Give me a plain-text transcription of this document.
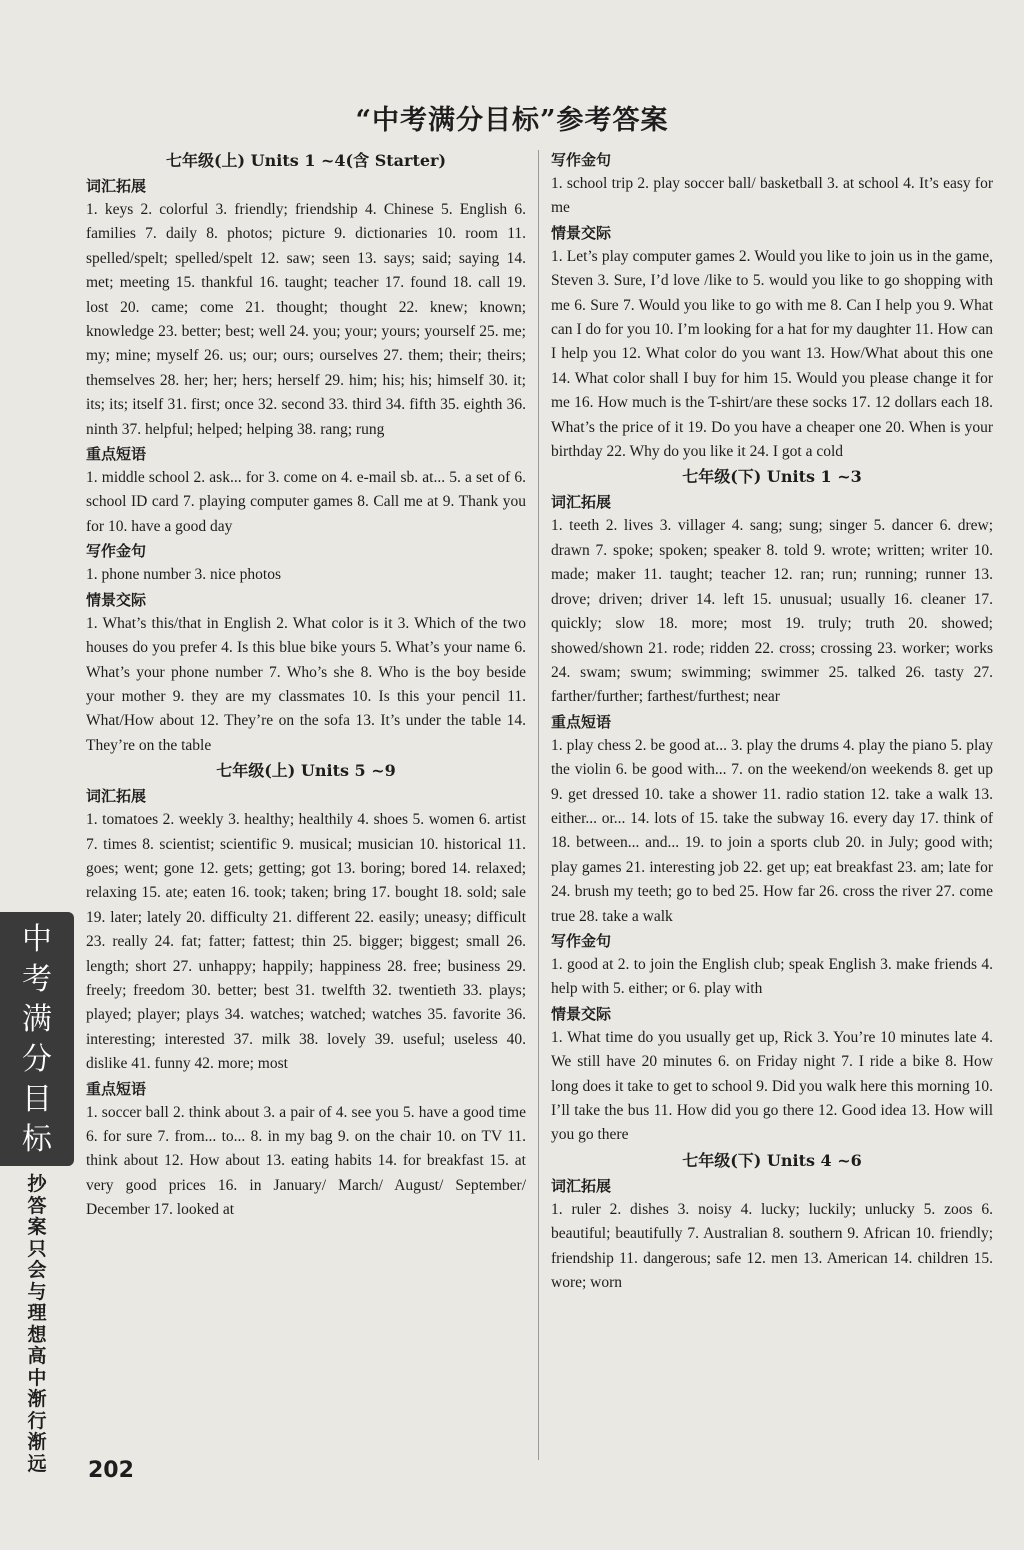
“中考满分目标”参考答案
七年级(上) Units 1 ~4(含 Starter)
词汇拓展

1. keys 2. colorful 3. friendly; friendship 4. Chinese 5. English 6. families 7. daily 8. photos; picture 9. dictionaries 10. room 11. spelled/spelt; spelled/spelt 12. saw; seen 13. says; said; saying 14. met; meeting 15. thankful 16. taught; teacher 17. found 18. call 19. lost 20. came; come 21. thought; thought 22. knew; known; knowledge 23. better; best; well 24. you; your; yours; yourself 25. me; my; mine; myself 26. us; our; ours; ourselves 27. them; their; theirs; themselves 28. her; her; hers; herself 29. him; his; his; himself 30. it; its; its; itself 31. first; once 32. second 33. third 34. fifth 35. eighth 36. ninth 37. helpful; helped; helping 38. rang; rung

重点短语

1. middle school 2. ask... for 3. come on 4. e-mail sb. at... 5. a set of 6. school ID card 7. playing computer games 8. Call me at 9. Thank you for 10. have a good day

写作金句

1. phone number 3. nice photos

情景交际

1. What’s this/that in English 2. What color is it 3. Which of the two houses do you prefer 4. Is this blue bike yours 5. What’s your name 6. What’s your phone number 7. Who’s she 8. Who is the boy beside your mother 9. they are my classmates 10. Is this your pencil 11. What/How about 12. They’re on the sofa 13. It’s under the table 14. They’re on the table

七年级(上) Units 5 ~9
词汇拓展

1. tomatoes 2. weekly 3. healthy; healthily 4. shoes 5. women 6. artist 7. times 8. scientist; scientific 9. musical; musician 10. historical 11. goes; went; gone 12. gets; getting; got 13. boring; bored 14. relaxed; relaxing 15. ate; eaten 16. took; taken; bring 17. bought 18. sold; sale 19. later; lately 20. difficulty 21. different 22. easily; uneasy; difficult 23. really 24. fat; fatter; fattest; thin 25. bigger; biggest; small 26. length; short 27. unhappy; happily; happiness 28. free; business 29. freely; freedom 30. better; best 31. twelfth 32. twentieth 33. plays; played; player; plays 34. watches; watched; watches 35. favorite 36. interesting; interested 37. milk 38. lovely 39. useful; useless 40. dislike 41. funny 42. more; most

重点短语

1. soccer ball 2. think about 3. a pair of 4. see you 5. have a good time 6. for sure 7. from... to... 8. in my bag 9. on the chair 10. on TV 11. think about 12. How about 13. eating habits 14. for breakfast 15. at very good prices 16. in January/ March/ August/ September/ December 17. looked at

写作金句

1. school trip 2. play soccer ball/ basketball 3. at school 4. It’s easy for me

情景交际

1. Let’s play computer games 2. Would you like to join us in the game, Steven 3. Sure, I’d love /like to 5. would you like to go shopping with me 6. Sure 7. Would you like to go with me 8. Can I help you 9. What can I do for you 10. I’m looking for a hat for my daughter 11. How can I help you 12. What color do you want 13. How/What about this one 14. What color shall I buy for him 15. Would you please change it for me 16. How much is the T-shirt/are these socks 17. 12 dollars each 18. What’s the price of it 19. Do you have a cheaper one 20. When is your birthday 22. Why do you like it 24. I got a cold

七年级(下) Units 1 ~3
词汇拓展

1. teeth 2. lives 3. villager 4. sang; sung; singer 5. dancer 6. drew; drawn 7. spoke; spoken; speaker 8. told 9. wrote; written; writer 10. made; maker 11. taught; teacher 12. ran; run; running; runner 13. drove; driven; driver 14. left 15. unusual; usually 16. cleaner 17. quickly; slow 18. more; most 19. truly; truth 20. showed; showed/shown 21. rode; ridden 22. cross; crossing 23. worker; works 24. swam; swum; swimming; swimmer 25. talked 26. tasty 27. farther/further; farthest/furthest; near

重点短语

1. play chess 2. be good at... 3. play the drums 4. play the piano 5. play the violin 6. be good with... 7. on the weekend/on weekends 8. get up 9. get dressed 10. take a shower 11. radio station 12. take a walk 13. either... or... 14. lots of 15. take the subway 16. every day 17. think of 18. between... and... 19. to join a sports club 20. in July; good with; play games 21. interesting job 22. get up; eat breakfast 23. am; late for 24. brush my teeth; go to bed 25. How far 26. cross the river 27. come true 28. take a walk

写作金句

1. good at 2. to join the English club; speak English 3. make friends 4. help with 5. either; or 6. play with

情景交际

1. What time do you usually get up, Rick 3. You’re 10 minutes late 4. We still have 20 minutes 6. on Friday night 7. I ride a bike 8. How long does it take to get to school 9. Did you walk here this morning 10. I’ll take the bus 11. How did you go there 12. Good idea 13. How will you go there

七年级(下) Units 4 ~6
词汇拓展

1. ruler 2. dishes 3. noisy 4. lucky; luckily; unlucky 5. zoos 6. beautiful; beautifully 7. Australian 8. southern 9. African 10. friendly; friendship 11. dangerous; safe 12. men 13. American 14. children 15. wore; worn

中
考
满
分
目
标
抄
答
案
只
会
与
理
想
高
中
渐
行
渐
远	202
